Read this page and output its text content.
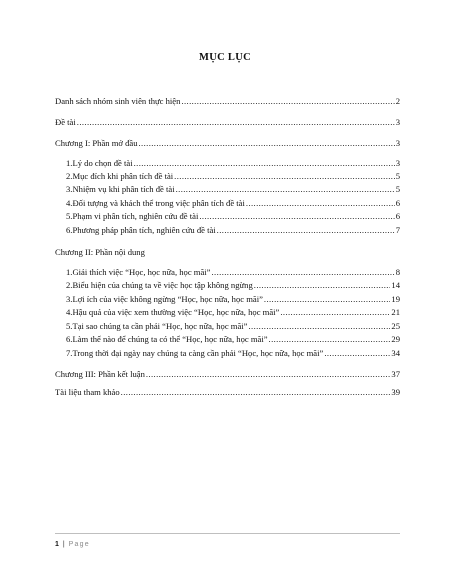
MỤC LỤC
Danh sách nhóm sinh viên thực hiện .....	2
Đề tài .....	3
Chương I: Phần mở đầu .....	3
1. Lý do chọn đề tài .....	3
2. Mục đích khi phân tích đề tài .....	5
3. Nhiệm vụ khi phân tích đề tài .....	5
4. Đối tượng và khách thể trong việc phân tích đề tài .....	6
5. Phạm vi phân tích, nghiên cứu đề tài .....	6
6. Phương pháp phân tích, nghiên cứu đề tài .....	7
Chương II: Phần nội dung
1. Giải thích việc “Học, học nữa, học mãi” .....	8
2. Biểu hiện của chúng ta về việc học tập không ngừng .....	14
3. Lợi ích của việc không ngừng “Học, học nữa, học mãi” .....	19
4. Hậu quả của việc xem thường việc “Học, học nữa, học mãi” .....	21
5. Tại sao chúng ta cần phải “Học, học nữa, học mãi” .....	25
6. Làm thế nào để chúng ta có thể “Học, học nữa, học mãi” .....	29
7. Trong thời đại ngày nay chúng ta càng cần phải “Học, học nữa, học mãi” .....	34
Chương III: Phần kết luận .....	37
Tài liệu tham khảo .....	39
1 | Page
